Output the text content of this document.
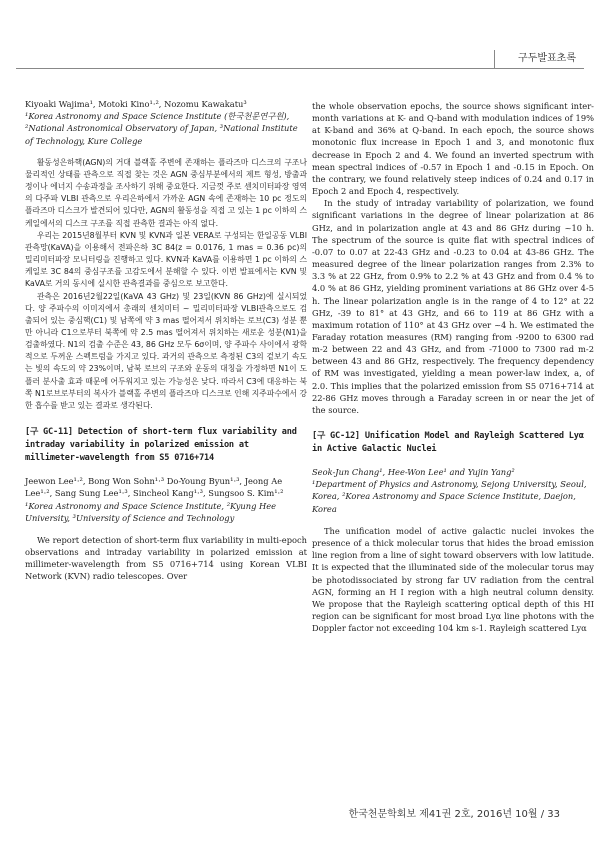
구두발표초록

Kiyoaki Wajima¹, Motoki Kino¹·², Nozomu Kawakatu³

¹Korea Astronomy and Space Science Institute (한국천문연구원), ²National Astronomical Observatory of Japan, ³National Institute of Technology, Kure College

활동성은하핵(AGN)의 거대 블랙홀 주변에 존재하는 플라즈마 디스크의 구조나 물리적인 상태를 관측으로 직접 찾는 것은 AGN 중심부분에서의 제트 형성, 방출과정이나 에너지 수송과정을 조사하기 위해 중요한다. 지금껏 주로 센치미터파장 영역의 다주파 VLBI 관측으로 우리은하에서 가까운 AGN 속에 존재하는 10 pc 정도의 플라즈마 디스크가 발견되어 있다만, AGN의 활동성을 직접 고 있는 1 pc 이하의 스케일에서의 디스크 구조를 직접 관측한 결과는 아직 없다.

우리는 2015년8월부터 KVN 및 KVN과 일본 VERA로 구성되는 한일공동 VLBI 관측망(KaVA)을 이용해서 전파은하 3C 84(z = 0.0176, 1 mas = 0.36 pc)의 밀리미터파장 모니터링을 진행하고 있다. KVN과 KaVA를 이용하면 1 pc 이하의 스케일로 3C 84의 중심구조를 고감도에서 분해할 수 있다. 이번 발표에서는 KVN 및 KaVA로 거의 동시에 실시한 관측결과를 중심으로 보고한다.

관측은 2016년2월22일(KaVA 43 GHz) 및 23일(KVN 86 GHz)에 실시되었다. 양 주파수의 이미지에서 총래의 센치미터 ~ 밀리미터파장 VLBI관측으로도 검출되어 있는 중심핵(C1) 및 남쪽에 약 3 mas 떨어져서 위치하는 로브(C3) 성분 뿐만 아니라 C1으로부터 북쪽에 약 2.5 mas 떨어져서 위치하는 새로운 성분(N1)을 검출하였다. N1의 검출 수준은 43, 86 GHz 모두 6σ이며, 양 주파수 사이에서 광학적으로 두꺼운 스펙트럼을 가지고 있다. 과거의 관측으로 측정된 C3의 겉보기 속도는 빛의 속도의 약 23%이며, 남북 로브의 구조와 운동의 대칭을 가정하면 N1이 도플러 분사출 효과 때문에 어두워지고 있는 가능성은 낮다. 따라서 C3에 대응하는 북쪽 N1로브로부터의 복사가 블랙홀 주변의 플라즈마 디스크로 인해 지주파수에서 강한 흡수를 받고 있는 결과로 생각된다.

[구 GC-11] Detection of short-term flux variability and intraday variability in polarized emission at millimeter-wavelength from S5 0716+714

Jeewon Lee¹·², Bong Won Sohn¹·³ Do-Young Byun¹·³, Jeong Ae Lee¹·², Sang Sung Lee¹·³, Sincheol Kang¹·³, Sungsoo S. Kim¹·²

¹Korea Astronomy and Space Science Institute, ²Kyung Hee University, ³University of Science and Technology

We report detection of short-term flux variability in multi-epoch observations and intraday variability in polarized emission at millimeter-wavelength from S5 0716+714 using Korean VLBI Network (KVN) radio telescopes. Over

the whole observation epochs, the source shows significant inter-month variations at K- and Q-band with modulation indices of 19% at K-band and 36% at Q-band. In each epoch, the source shows monotonic flux increase in Epoch 1 and 3, and monotonic flux decrease in Epoch 2 and 4. We found an inverted spectrum with mean spectral indices of -0.57 in Epoch 1 and -0.15 in Epoch. On the contrary, we found relatively steep indices of 0.24 and 0.17 in Epoch 2 and Epoch 4, respectively.

In the study of intraday variability of polarization, we found significant variations in the degree of linear polarization at 86 GHz, and in polarization angle at 43 and 86 GHz during ~10 h. The spectrum of the source is quite flat with spectral indices of -0.07 to 0.07 at 22-43 GHz and -0.23 to 0.04 at 43-86 GHz. The measured degree of the linear polarization ranges from 2.3% to 3.3 % at 22 GHz, from 0.9% to 2.2 % at 43 GHz and from 0.4 % to 4.0 % at 86 GHz, yielding prominent variations at 86 GHz over 4-5 h. The linear polarization angle is in the range of 4 to 12° at 22 GHz, -39 to 81° at 43 GHz, and 66 to 119 at 86 GHz with a maximum rotation of 110° at 43 GHz over ~4 h. We estimated the Faraday rotation measures (RM) ranging from -9200 to 6300 rad m-2 between 22 and 43 GHz, and from -71000 to 7300 rad m-2 between 43 and 86 GHz, respectively. The frequency dependency of RM was investigated, yielding a mean power-law index, a, of 2.0. This implies that the polarized emission from S5 0716+714 at 22-86 GHz moves through a Faraday screen in or near the jet of the source.

[구 GC-12] Unification Model and Rayleigh Scattered Lyα in Active Galactic Nuclei

Seok-Jun Chang¹, Hee-Won Lee¹ and Yujin Yang²

¹Department of Physics and Astronomy, Sejong University, Seoul, Korea, ²Korea Astronomy and Space Science Institute, Daejon, Korea

The unification model of active galactic nuclei invokes the presence of a thick molecular torus that hides the broad emission line region from a line of sight toward observers with low latitude. It is expected that the illuminated side of the molecular torus may be photodissociated by strong far UV radiation from the central AGN, forming an H I region with a high neutral column density. We propose that the Rayleigh scattering optical depth of this HI region can be significant for most broad Lyα line photons with the Doppler factor not exceeding 104 km s-1. Rayleigh scattered Lyα

한국천문학회보 제41권 2호, 2016년 10월 / 33
